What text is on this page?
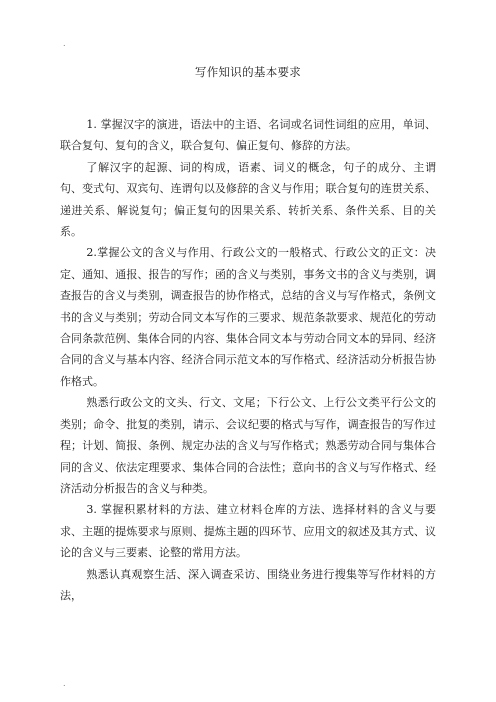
.
写作知识的基本要求

1. 掌握汉字的演进，语法中的主语、名词或名词性词组的应用，单词、联合复句、复句的含义，联合复句、偏正复句、修辞的方法。

了解汉字的起源、词的构成，语素、词义的概念，句子的成分、主谓句、变式句、双宾句、连谓句以及修辞的含义与作用；联合复句的连贯关系、递进关系、解说复句；偏正复句的因果关系、转折关系、条件关系、目的关系。

2.掌握公文的含义与作用、行政公文的一般格式、行政公文的正文：决定、通知、通报、报告的写作；函的含义与类别，事务文书的含义与类别，调查报告的含义与类别，调查报告的协作格式，总结的含义与写作格式，条例文书的含义与类别；劳动合同文本写作的三要求、规范条款要求、规范化的劳动合同条款范例、集体合同的内容、集体合同文本与劳动合同文本的异同、经济合同的含义与基本内容、经济合同示范文本的写作格式、经济活动分析报告协作格式。

熟悉行政公文的文头、行文、文尾；下行公文、上行公文类平行公文的类别；命令、批复的类别，请示、会议纪要的格式与写作，调查报告的写作过程；计划、简报、条例、规定办法的含义与写作格式；熟悉劳动合同与集体合同的含义、依法定理要求、集体合同的合法性；意向书的含义与写作格式、经济活动分析报告的含义与种类。

3. 掌握积累材料的方法、建立材料仓库的方法、选择材料的含义与要求、主题的提炼要求与原则、提炼主题的四环节、应用文的叙述及其方式、议论的含义与三要素、论整的常用方法。

熟悉认真观察生活、深入调查采访、围绕业务进行搜集等写作材料的方法，

.
